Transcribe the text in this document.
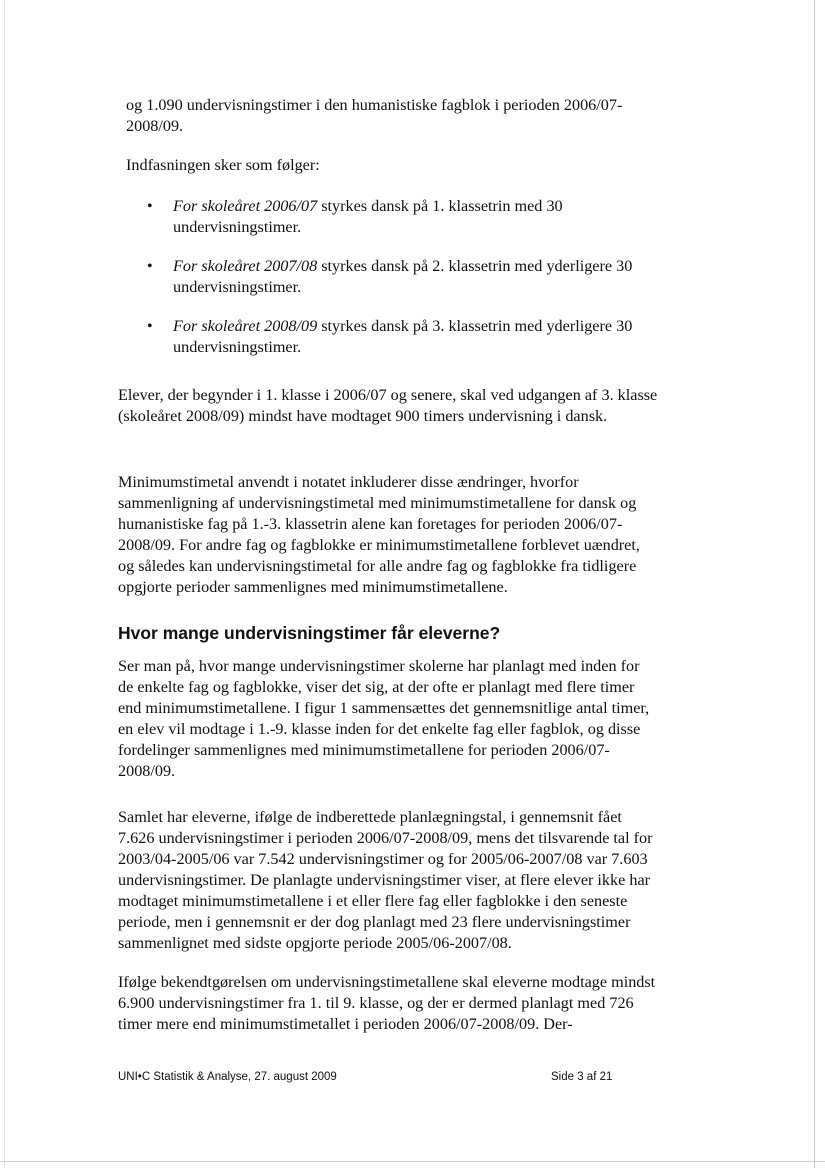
og 1.090 undervisningstimer i den humanistiske fagblok i perioden 2006/07-2008/09.

Indfasningen sker som følger:

• For skoleåret 2006/07 styrkes dansk på 1. klassetrin med 30 undervisningstimer.
• For skoleåret 2007/08 styrkes dansk på 2. klassetrin med yderligere 30 undervisningstimer.
• For skoleåret 2008/09 styrkes dansk på 3. klassetrin med yderligere 30 undervisningstimer.

Elever, der begynder i 1. klasse i 2006/07 og senere, skal ved udgangen af 3. klasse (skoleåret 2008/09) mindst have modtaget 900 timers undervisning i dansk.

Minimumstimetal anvendt i notatet inkluderer disse ændringer, hvorfor sammenligning af undervisningstimetal med minimumstimetallene for dansk og humanistiske fag på 1.-3. klassetrin alene kan foretages for perioden 2006/07-2008/09. For andre fag og fagblokke er minimumstimetallene forblevet uændret, og således kan undervisningstimetal for alle andre fag og fagblokke fra tidligere opgjorte perioder sammenlignes med minimumstimetallene.

Hvor mange undervisningstimer får eleverne?

Ser man på, hvor mange undervisningstimer skolerne har planlagt med inden for de enkelte fag og fagblokke, viser det sig, at der ofte er planlagt med flere timer end minimumstimetallene. I figur 1 sammensættes det gennemsnitlige antal timer, en elev vil modtage i 1.-9. klasse inden for det enkelte fag eller fagblok, og disse fordelinger sammenlignes med minimumstimetallene for perioden 2006/07-2008/09.

Samlet har eleverne, ifølge de indberettede planlægningstal, i gennemsnit fået 7.626 undervisningstimer i perioden 2006/07-2008/09, mens det tilsvarende tal for 2003/04-2005/06 var 7.542 undervisningstimer og for 2005/06-2007/08 var 7.603 undervisningstimer. De planlagte undervisningstimer viser, at flere elever ikke har modtaget minimumstimetallene i et eller flere fag eller fagblokke i den seneste periode, men i gennemsnit er der dog planlagt med 23 flere undervisningstimer sammenlignet med sidste opgjorte periode 2005/06-2007/08.

Ifølge bekendtgørelsen om undervisningstimetallene skal eleverne modtage mindst 6.900 undervisningstimer fra 1. til 9. klasse, og der er dermed planlagt med 726 timer mere end minimumstimetallet i perioden 2006/07-2008/09. Der-

UNI•C Statistik & Analyse, 27. august 2009	Side 3 af 21
